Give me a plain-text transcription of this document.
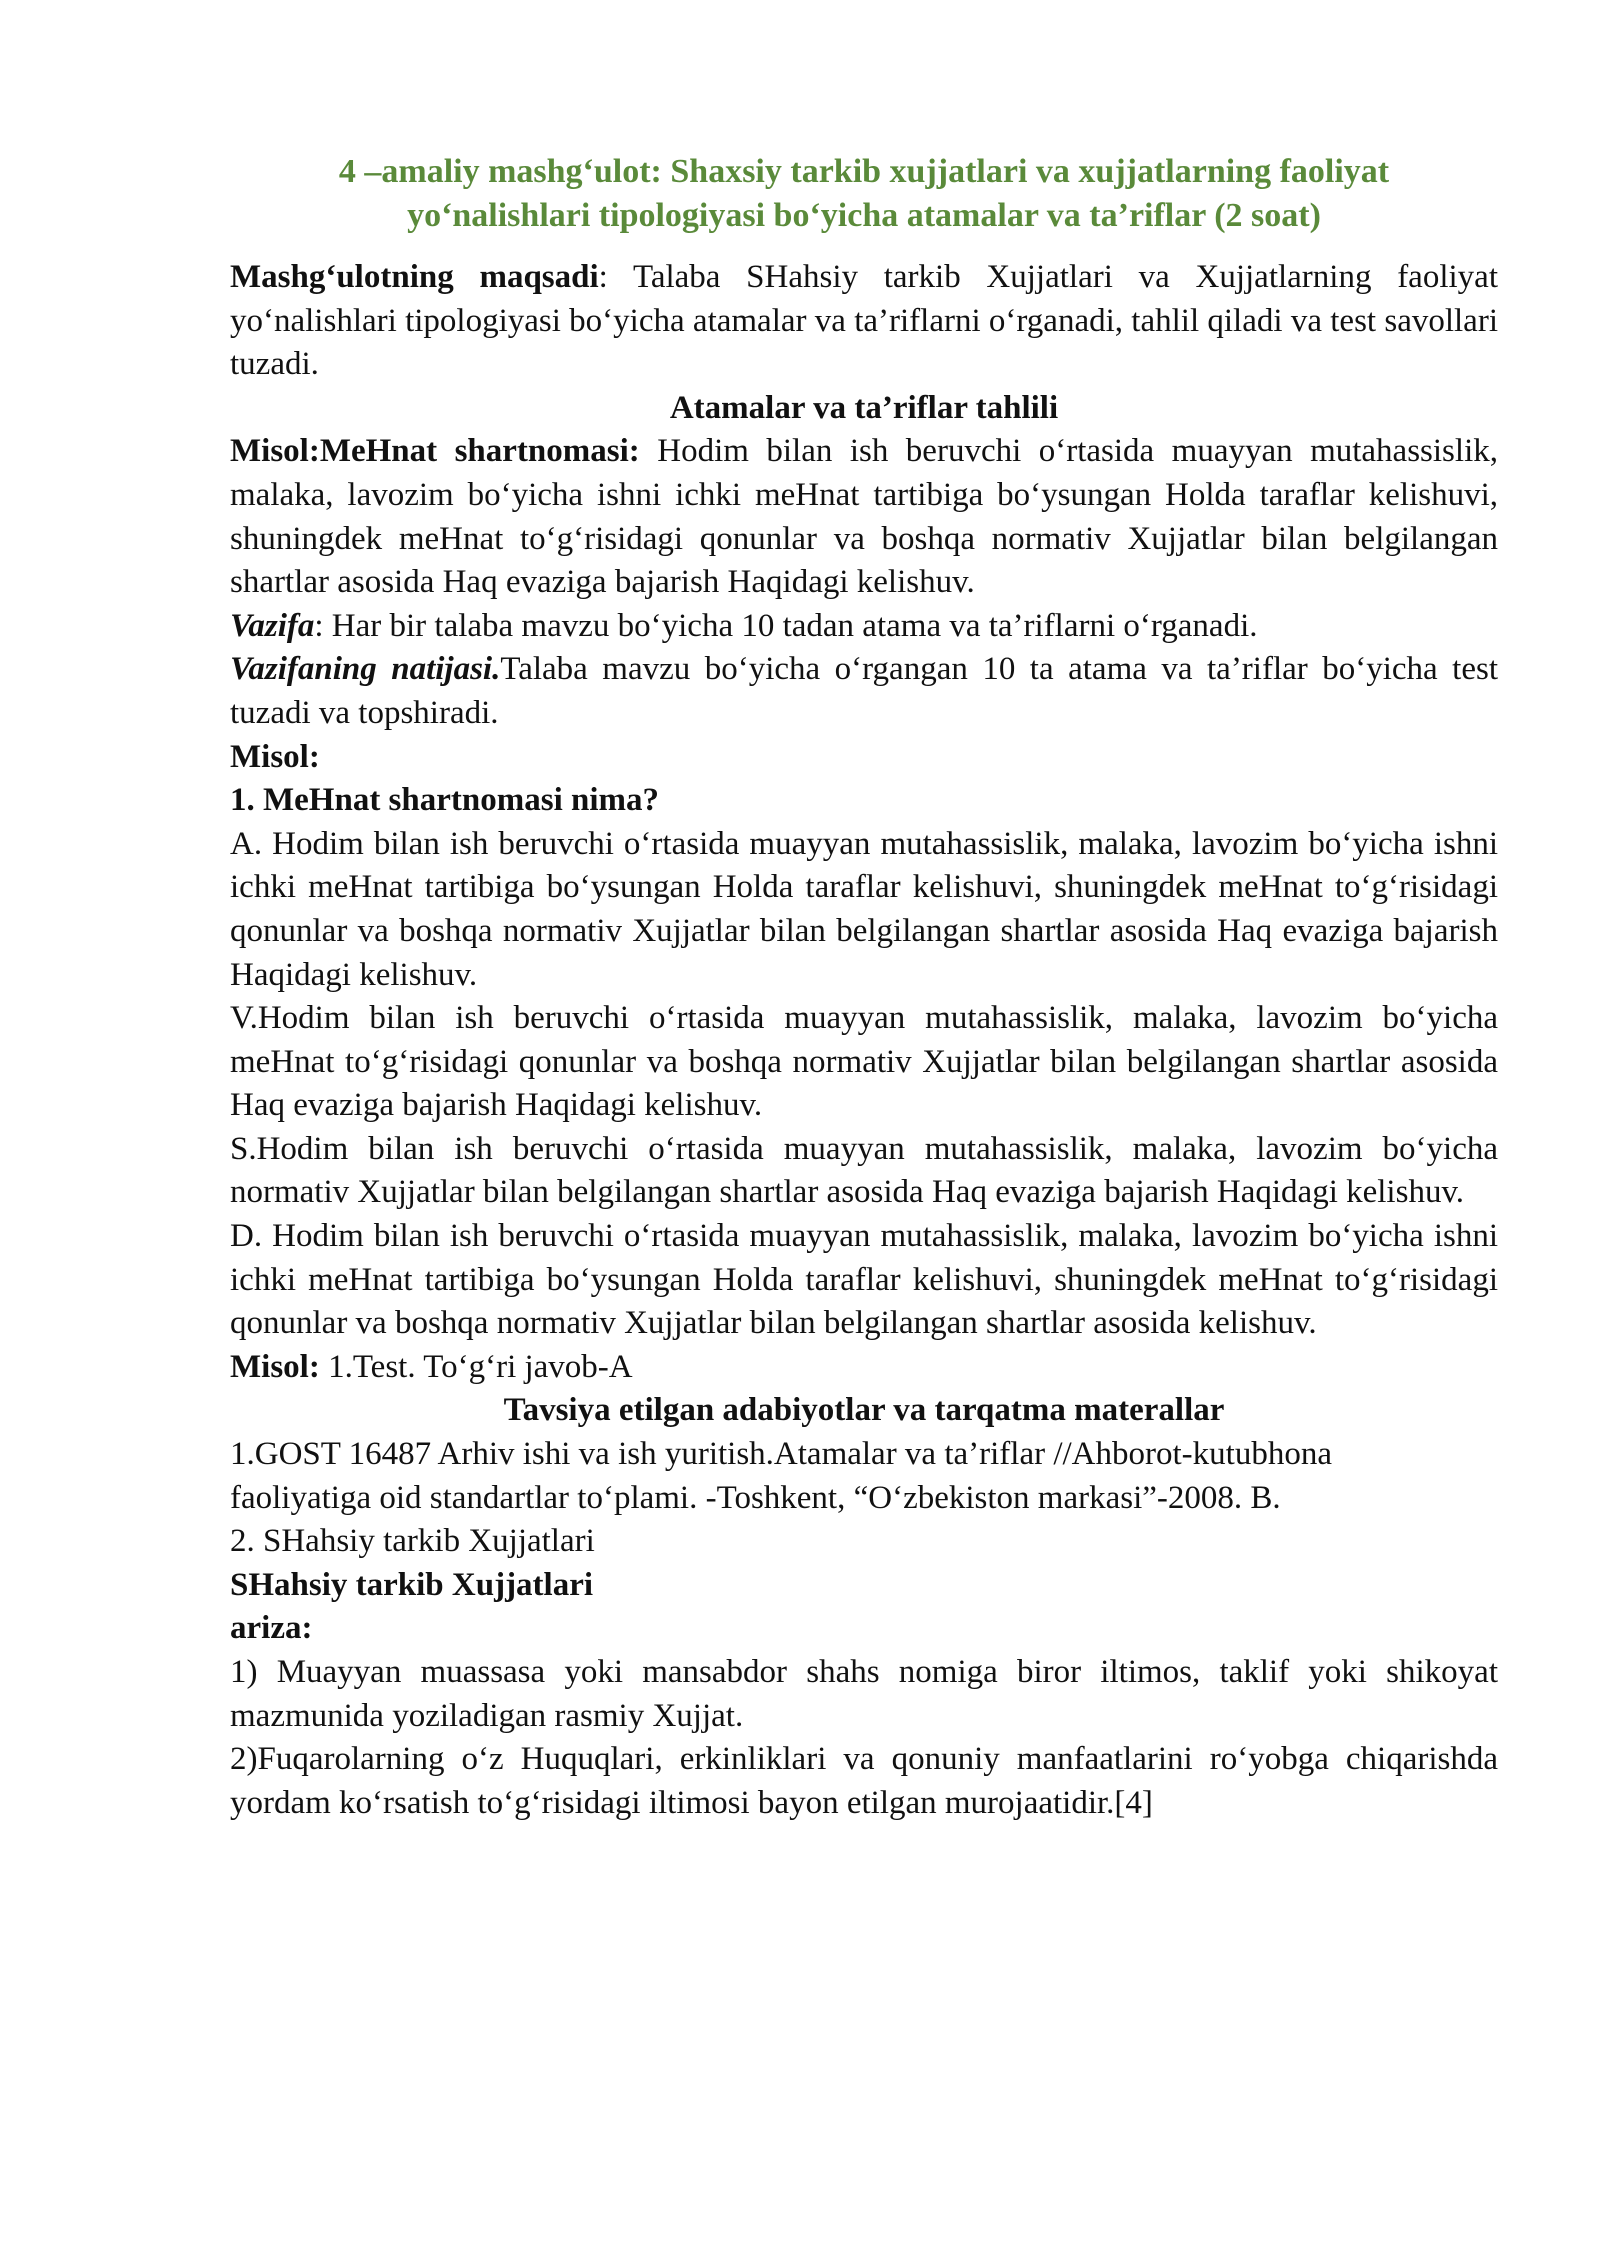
4 –amaliy mashg‘ulot: Shaxsiy tarkib xujjatlari va xujjatlarning faoliyat
yo‘nalishlari tipologiyasi bo‘yicha atamalar va ta’riflar (2 soat)

Mashg‘ulotning maqsadi: Talaba SHahsiy tarkib Xujjatlari va Xujjatlarning faoliyat yo‘nalishlari tipologiyasi bo‘yicha atamalar va ta’riflarni o‘rganadi, tahlil qiladi va test savollari tuzadi.

Atamalar va ta’riflar tahlili

Misol:MeHnat shartnomasi: Hodim bilan ish beruvchi o‘rtasida muayyan mutahassislik, malaka, lavozim bo‘yicha ishni ichki meHnat tartibiga bo‘ysungan Holda taraflar kelishuvi, shuningdek meHnat to‘g‘risidagi qonunlar va boshqa normativ Xujjatlar bilan belgilangan shartlar asosida Haq evaziga bajarish Haqidagi kelishuv.

Vazifa: Har bir talaba mavzu bo‘yicha 10 tadan atama va ta’riflarni o‘rganadi.

Vazifaning natijasi.Talaba mavzu bo‘yicha o‘rgangan 10 ta atama va ta’riflar bo‘yicha test tuzadi va topshiradi.

Misol:

1. MeHnat shartnomasi nima?

A. Hodim bilan ish beruvchi o‘rtasida muayyan mutahassislik, malaka, lavozim bo‘yicha ishni ichki meHnat tartibiga bo‘ysungan Holda taraflar kelishuvi, shuningdek meHnat to‘g‘risidagi qonunlar va boshqa normativ Xujjatlar bilan belgilangan shartlar asosida Haq evaziga bajarish Haqidagi kelishuv.

V.Hodim bilan ish beruvchi o‘rtasida muayyan mutahassislik, malaka, lavozim bo‘yicha meHnat to‘g‘risidagi qonunlar va boshqa normativ Xujjatlar bilan belgilangan shartlar asosida Haq evaziga bajarish Haqidagi kelishuv.

S.Hodim bilan ish beruvchi o‘rtasida muayyan mutahassislik, malaka, lavozim bo‘yicha normativ Xujjatlar bilan belgilangan shartlar asosida Haq evaziga bajarish Haqidagi kelishuv.

D. Hodim bilan ish beruvchi o‘rtasida muayyan mutahassislik, malaka, lavozim bo‘yicha ishni ichki meHnat tartibiga bo‘ysungan Holda taraflar kelishuvi, shuningdek meHnat to‘g‘risidagi qonunlar va boshqa normativ Xujjatlar bilan belgilangan shartlar asosida kelishuv.

Misol: 1.Test. To‘g‘ri javob-A

Tavsiya etilgan adabiyotlar va tarqatma materallar

1.GOST 16487 Arhiv ishi va ish yuritish.Atamalar va ta’riflar //Ahborot-kutubhona faoliyatiga oid standartlar to‘plami. -Toshkent, “O‘zbekiston markasi”-2008. B.

2. SHahsiy tarkib Xujjatlari

SHahsiy tarkib Xujjatlari

ariza:

1) Muayyan muassasa yoki mansabdor shahs nomiga biror iltimos, taklif yoki shikoyat mazmunida yoziladigan rasmiy Xujjat.

2)Fuqarolarning o‘z Huquqlari, erkinliklari va qonuniy manfaatlarini ro‘yobga chiqarishda yordam ko‘rsatish to‘g‘risidagi iltimosi bayon etilgan murojaatidir.[4]
